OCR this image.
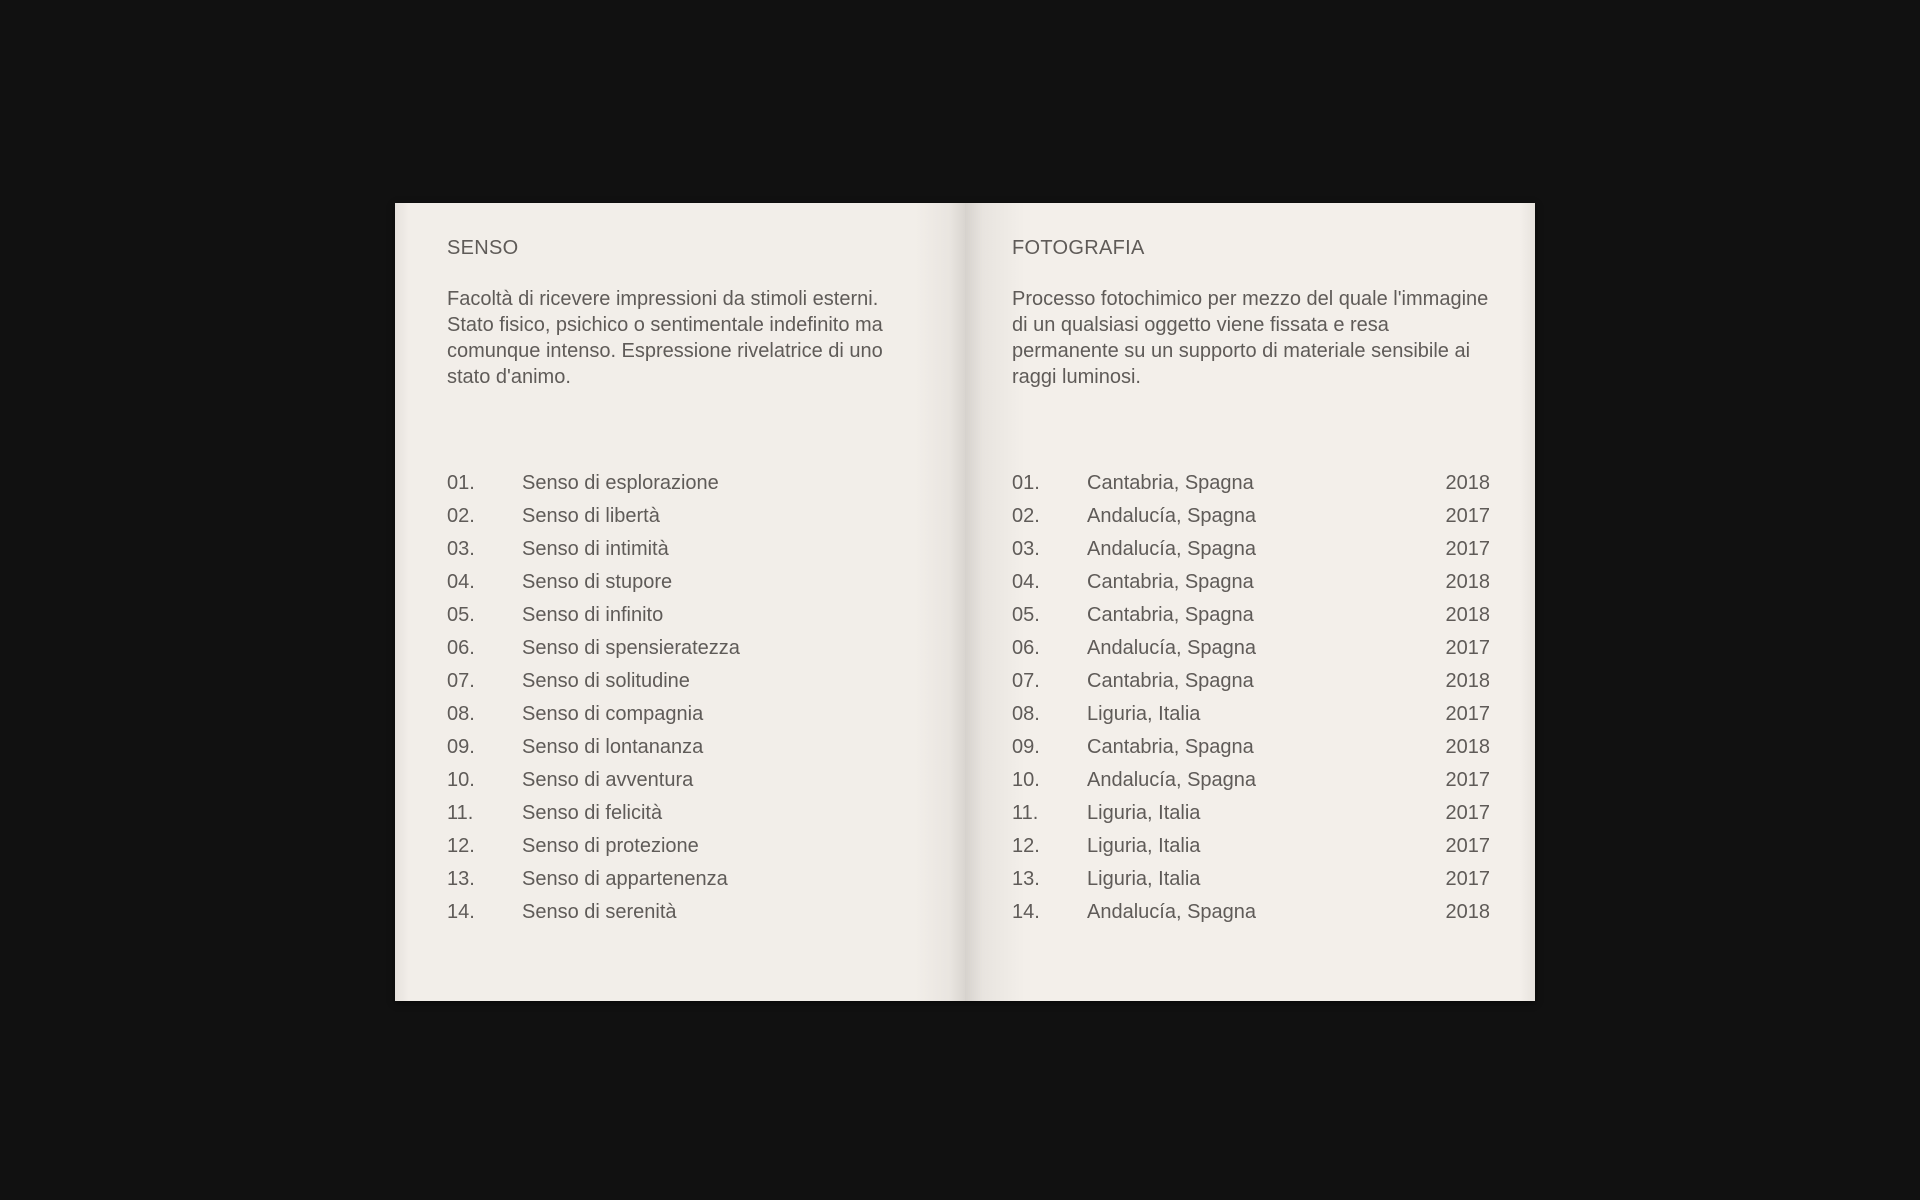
SENSO

Facoltà di ricevere impressioni da stimoli esterni. Stato fisico, psichico o sentimentale indefinito ma comunque intenso. Espressione rivelatrice di uno stato d'animo.

01.	Senso di esplorazione
02.	Senso di libertà
03.	Senso di intimità
04.	Senso di stupore
05.	Senso di infinito
06.	Senso di spensieratezza
07.	Senso di solitudine
08.	Senso di compagnia
09.	Senso di lontananza
10.	Senso di avventura
11.	Senso di felicità
12.	Senso di protezione
13.	Senso di appartenenza
14.	Senso di serenità
FOTOGRAFIA

Processo fotochimico per mezzo del quale l'immagine di un qualsiasi oggetto viene fissata e resa permanente su un supporto di materiale sensibile ai raggi luminosi.

01.	Cantabria, Spagna	2018
02.	Andalucía, Spagna	2017
03.	Andalucía, Spagna	2017
04.	Cantabria, Spagna	2018
05.	Cantabria, Spagna	2018
06.	Andalucía, Spagna	2017
07.	Cantabria, Spagna	2018
08.	Liguria, Italia	2017
09.	Cantabria, Spagna	2018
10.	Andalucía, Spagna	2017
11.	Liguria, Italia	2017
12.	Liguria, Italia	2017
13.	Liguria, Italia	2017
14.	Andalucía, Spagna	2018
